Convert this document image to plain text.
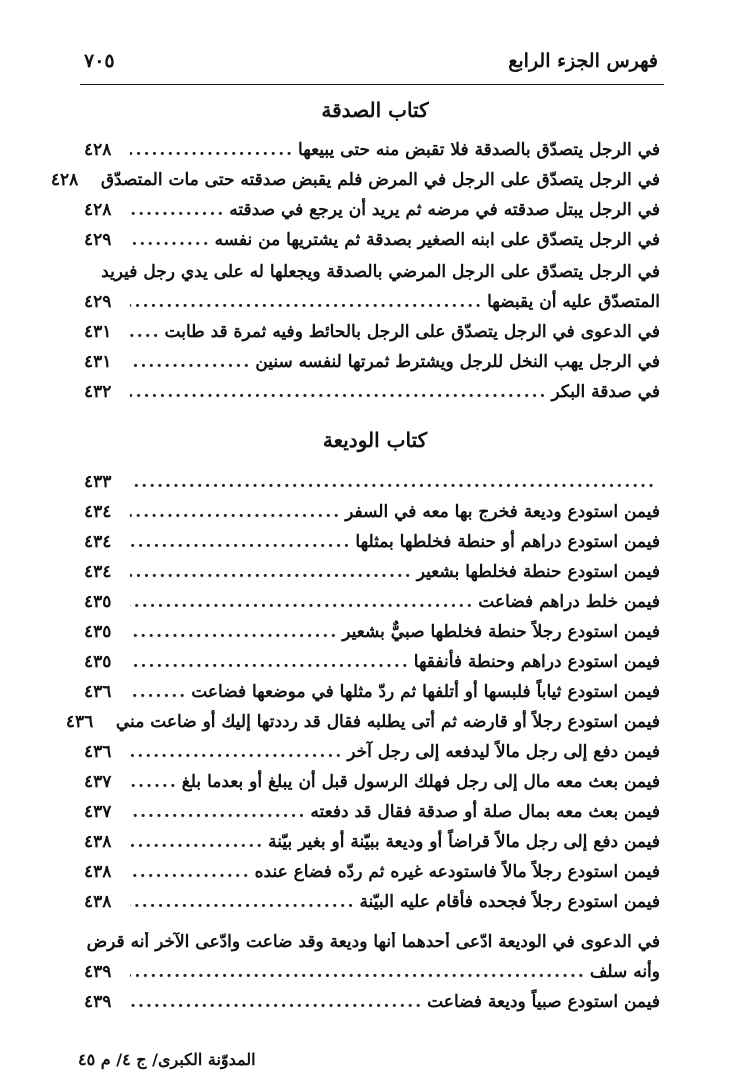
فهرس الجزء الرابع
٧٠٥
كتاب الصدقة
في الرجل يتصدّق بالصدقة فلا تقبض منه حتى يبيعها
.....
٤٢٨
في الرجل يتصدّق على الرجل في المرض فلم يقبض صدقته حتى مات المتصدّق
٤٢٨
في الرجل يبتل صدقته في مرضه ثم يريد أن يرجع في صدقته
.....
٤٢٨
في الرجل يتصدّق على ابنه الصغير بصدقة ثم يشتريها من نفسه
.....
٤٢٩
في الرجل يتصدّق على الرجل المرضي بالصدقة ويجعلها له على يدي رجل فيريد
المتصدّق عليه أن يقبضها
.....
٤٢٩
في الدعوى في الرجل يتصدّق على الرجل بالحائط وفيه ثمرة قد طابت
.....
٤٣١
في الرجل يهب النخل للرجل ويشترط ثمرتها لنفسه سنين
.....
٤٣١
في صدقة البكر
.....
٤٣٢
كتاب الوديعة
.....
٤٣٣
فيمن استودع وديعة فخرج بها معه في السفر
.....
٤٣٤
فيمن استودع دراهم أو حنطة فخلطها بمثلها
.....
٤٣٤
فيمن استودع حنطة فخلطها بشعير
.....
٤٣٤
فيمن خلط دراهم فضاعت
.....
٤٣٥
فيمن استودع رجلاً حنطة فخلطها صبيٌّ بشعير
.....
٤٣٥
فيمن استودع دراهم وحنطة فأنفقها
.....
٤٣٥
فيمن استودع ثياباً فلبسها أو أتلفها ثم ردّ مثلها في موضعها فضاعت
.....
٤٣٦
فيمن استودع رجلاً أو قارضه ثم أتى يطلبه فقال قد رددتها إليك أو ضاعت مني
٤٣٦
فيمن دفع إلى رجل مالاً ليدفعه إلى رجل آخر
.....
٤٣٦
فيمن بعث معه مال إلى رجل فهلك الرسول قبل أن يبلغ أو بعدما بلغ
.....
٤٣٧
فيمن بعث معه بمال صلة أو صدقة فقال قد دفعته
.....
٤٣٧
فيمن دفع إلى رجل مالاً قراضاً أو وديعة ببيّنة أو بغير بيّنة
.....
٤٣٨
فيمن استودع رجلاً مالاً فاستودعه غيره ثم ردّه فضاع عنده
.....
٤٣٨
فيمن استودع رجلاً فجحده فأقام عليه البيّنة
.....
٤٣٨
في الدعوى في الوديعة ادّعى أحدهما أنها وديعة وقد ضاعت وادّعى الآخر أنه قرض
وأنه سلف
.....
٤٣٩
فيمن استودع صبياً وديعة فضاعت
.....
٤٣٩
المدوّنة الكبرى/ ج ٤/ م ٤٥
